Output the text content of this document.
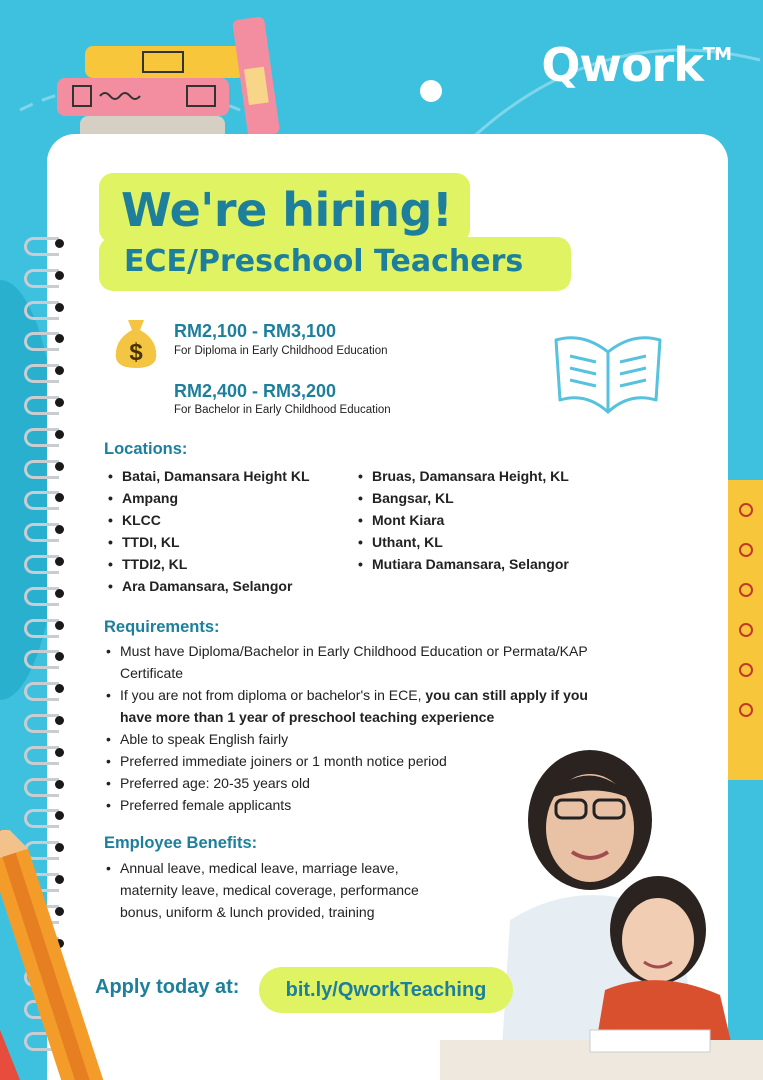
Qwork™
We're hiring!
ECE/Preschool Teachers
$
RM2,100 - RM3,100
For Diploma in Early Childhood Education
RM2,400 - RM3,200
For Bachelor in Early Childhood Education
Locations:
• Batai, Damansara Height KL
• Ampang
• KLCC
• TTDI, KL
• TTDI2, KL
• Ara Damansara, Selangor
• Bruas, Damansara Height, KL
• Bangsar, KL
• Mont Kiara
• Uthant, KL
• Mutiara Damansara, Selangor
Requirements:
• Must have Diploma/Bachelor in Early Childhood Education or Permata/KAP
Certificate
• If you are not from diploma or bachelor's in ECE, you can still apply if you
have more than 1 year of preschool teaching experience
• Able to speak English fairly
• Preferred immediate joiners or 1 month notice period
• Preferred age: 20-35 years old
• Preferred female applicants
Employee Benefits:
• Annual leave, medical leave, marriage leave,
maternity leave, medical coverage, performance
bonus, uniform & lunch provided, training
Apply today at:	bit.ly/QworkTeaching
